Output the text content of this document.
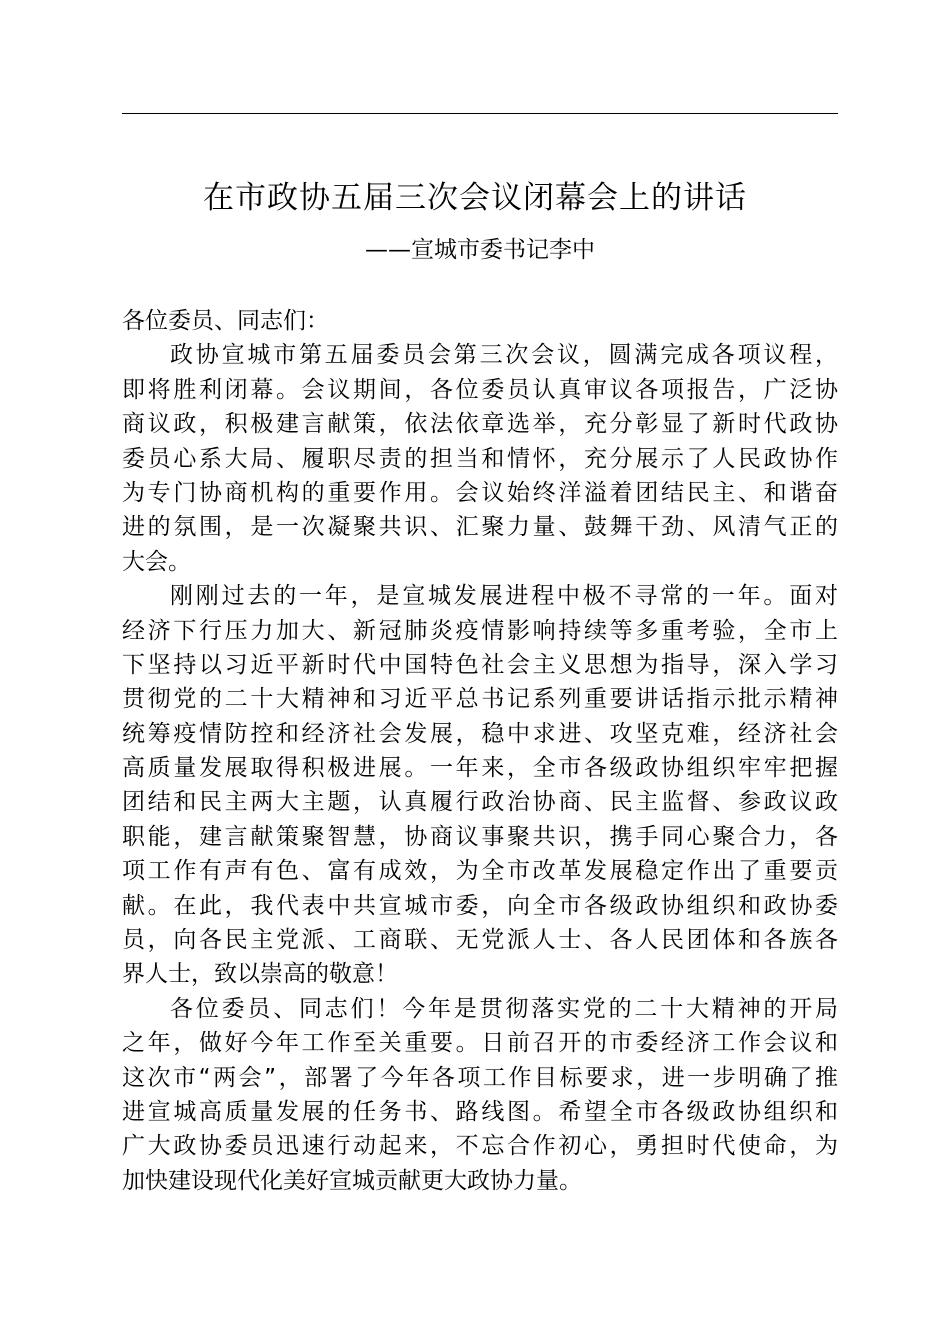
在市政协五届三次会议闭幕会上的讲话

——宣城市委书记李中

各位委员、同志们：

政协宣城市第五届委员会第三次会议，圆满完成各项议程，

即将胜利闭幕。会议期间，各位委员认真审议各项报告，广泛协

商议政，积极建言献策，依法依章选举，充分彰显了新时代政协

委员心系大局、履职尽责的担当和情怀，充分展示了人民政协作

为专门协商机构的重要作用。会议始终洋溢着团结民主、和谐奋

进的氛围，是一次凝聚共识、汇聚力量、鼓舞干劲、风清气正的

大会。

刚刚过去的一年，是宣城发展进程中极不寻常的一年。面对

经济下行压力加大、新冠肺炎疫情影响持续等多重考验，全市上

下坚持以习近平新时代中国特色社会主义思想为指导，深入学习

贯彻党的二十大精神和习近平总书记系列重要讲话指示批示精神

统筹疫情防控和经济社会发展，稳中求进、攻坚克难，经济社会

高质量发展取得积极进展。一年来，全市各级政协组织牢牢把握

团结和民主两大主题，认真履行政治协商、民主监督、参政议政

职能，建言献策聚智慧，协商议事聚共识，携手同心聚合力，各

项工作有声有色、富有成效，为全市改革发展稳定作出了重要贡

献。在此，我代表中共宣城市委，向全市各级政协组织和政协委

员，向各民主党派、工商联、无党派人士、各人民团体和各族各

界人士，致以崇高的敬意！

各位委员、同志们！今年是贯彻落实党的二十大精神的开局

之年，做好今年工作至关重要。日前召开的市委经济工作会议和

这次市“两会”，部署了今年各项工作目标要求，进一步明确了推

进宣城高质量发展的任务书、路线图。希望全市各级政协组织和

广大政协委员迅速行动起来，不忘合作初心，勇担时代使命，为

加快建设现代化美好宣城贡献更大政协力量。
